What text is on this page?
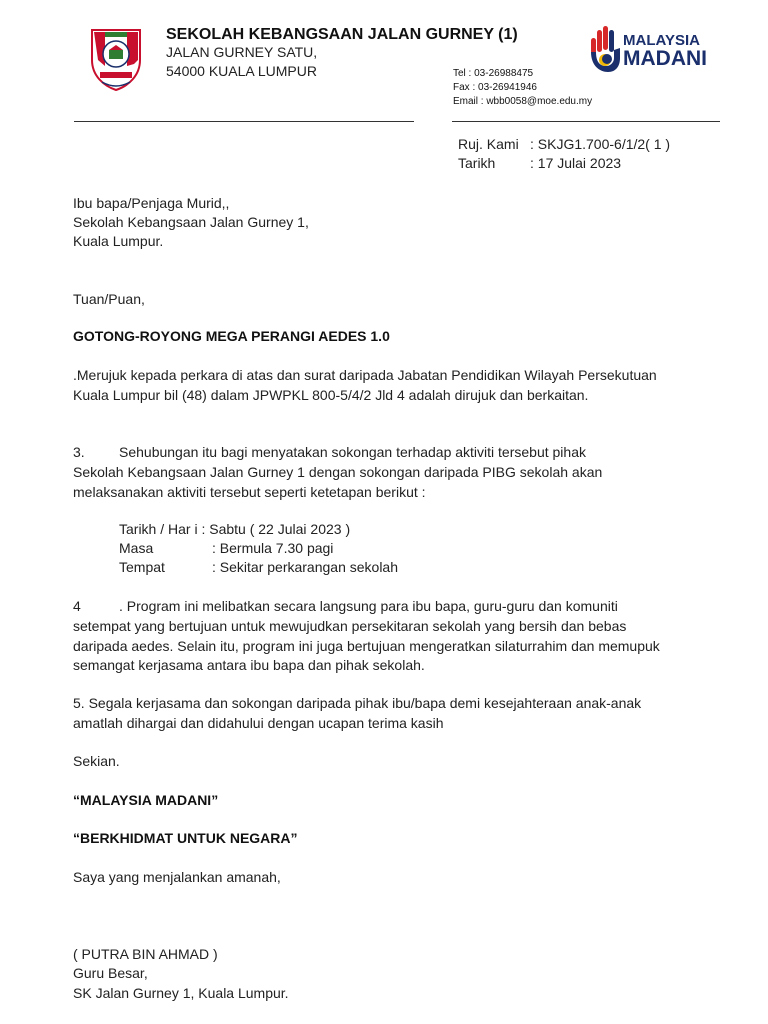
SEKOLAH KEBANGSAAN JALAN GURNEY (1)
JALAN GURNEY SATU,
54000 KUALA LUMPUR	Tel : 03-26988475
Fax : 03-26941946
Email : wbb0058@moe.edu.my
MALAYSIA
MADANI
Ruj. Kami : SKJG1.700-6/1/2( 1 )
Tarikh : 17 Julai 2023
Ibu bapa/Penjaga Murid,,
Sekolah Kebangsaan Jalan Gurney 1,
Kuala Lumpur.
Tuan/Puan,
GOTONG-ROYONG MEGA PERANGI AEDES 1.0
.Merujuk kepada perkara di atas dan surat daripada Jabatan Pendidikan Wilayah Persekutuan Kuala Lumpur bil (48) dalam JPWPKL 800-5/4/2 Jld 4 adalah dirujuk dan berkaitan.
3. Sehubungan itu bagi menyatakan sokongan terhadap aktiviti tersebut pihak
Sekolah Kebangsaan Jalan Gurney 1 dengan sokongan daripada PIBG sekolah akan melaksanakan aktiviti tersebut seperti ketetapan berikut :
Tarikh / Har i : Sabtu ( 22 Julai 2023 )
Masa	: Bermula 7.30 pagi
Tempat	: Sekitar perkarangan sekolah
4	. Program ini melibatkan secara langsung para ibu bapa, guru-guru dan komuniti
setempat yang bertujuan untuk mewujudkan persekitaran sekolah yang bersih dan bebas daripada aedes. Selain itu, program ini juga bertujuan mengeratkan silaturrahim dan memupuk semangat kerjasama antara ibu bapa dan pihak sekolah.
5. Segala kerjasama dan sokongan daripada pihak ibu/bapa demi kesejahteraan anak-anak amatlah dihargai dan didahului dengan ucapan terima kasih
Sekian.
“MALAYSIA MADANI”
“BERKHIDMAT UNTUK NEGARA”
Saya yang menjalankan amanah,
( PUTRA BIN AHMAD )
Guru Besar,
SK Jalan Gurney 1, Kuala Lumpur.
